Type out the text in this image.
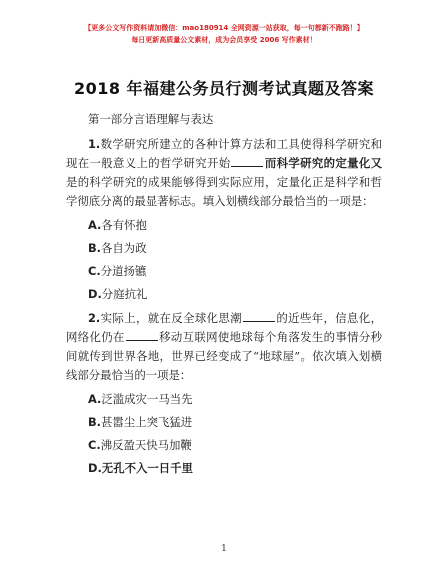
【更多公文写作资料请加微信：mao180914 全网资源一站获取，每一句都新不跑路！】
每日更新高质量公文素材，成为会员享受 2006 写作素材！
2018 年福建公务员行测考试真题及答案
第一部分言语理解与表达

1.数学研究所建立的各种计算方法和工具使得科学研究和现在一般意义上的哲学研究开始	而科学研究的定量化又是的科学研究的成果能够得到实际应用，定量化正是科学和哲学彻底分离的最显著标志。填入划横线部分最恰当的一项是：

A.各有怀抱
B.各自为政
C.分道扬镳
D.分庭抗礼

2.实际上，就在反全球化思潮	的近些年，信息化，网络化仍在	移动互联网使地球每个角落发生的事情分秒间就传到世界各地，世界已经变成了“地球屋”。依次填入划横线部分最恰当的一项是：

A.泛滥成灾一马当先
B.甚嚣尘上突飞猛进
C.沸反盈天快马加鞭
D.无孔不入一日千里
1
